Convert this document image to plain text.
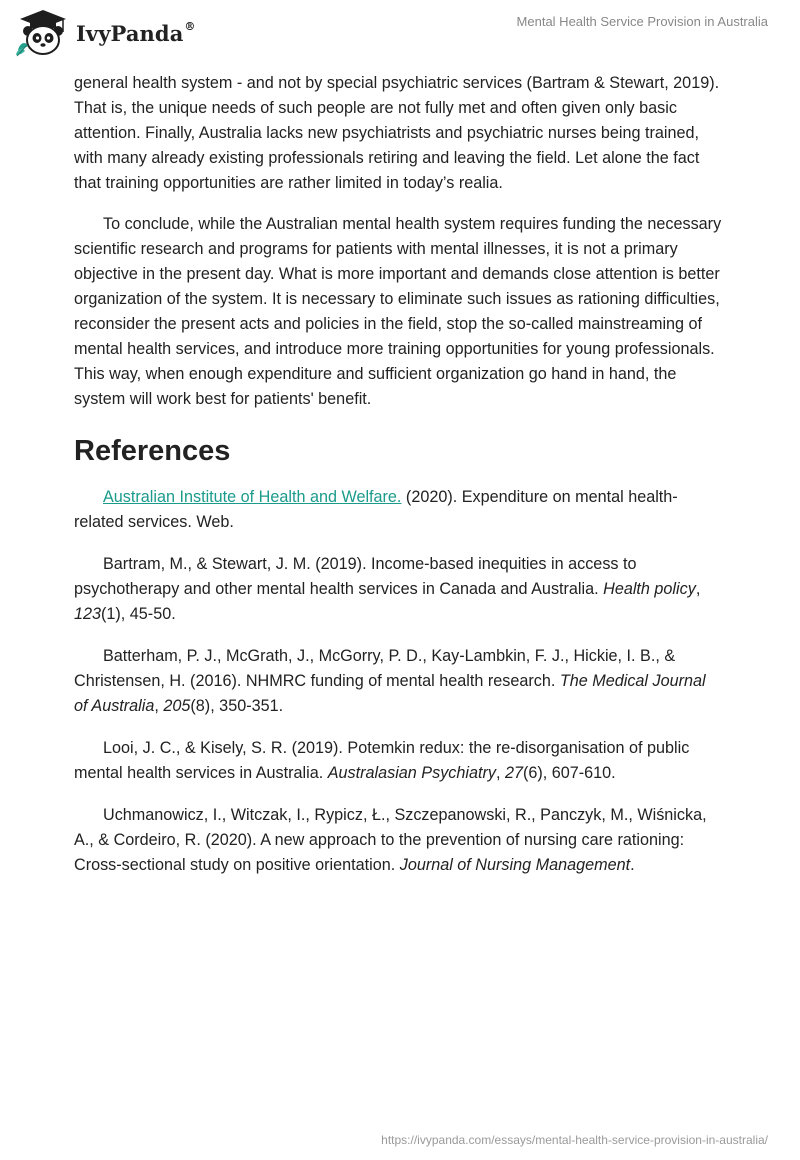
IvyPanda®	Mental Health Service Provision in Australia

general health system - and not by special psychiatric services (Bartram & Stewart, 2019). That is, the unique needs of such people are not fully met and often given only basic attention. Finally, Australia lacks new psychiatrists and psychiatric nurses being trained, with many already existing professionals retiring and leaving the field. Let alone the fact that training opportunities are rather limited in today’s realia.

To conclude, while the Australian mental health system requires funding the necessary scientific research and programs for patients with mental illnesses, it is not a primary objective in the present day. What is more important and demands close attention is better organization of the system. It is necessary to eliminate such issues as rationing difficulties, reconsider the present acts and policies in the field, stop the so-called mainstreaming of mental health services, and introduce more training opportunities for young professionals. This way, when enough expenditure and sufficient organization go hand in hand, the system will work best for patients' benefit.

References

Australian Institute of Health and Welfare. (2020). Expenditure on mental health-related services. Web.

Bartram, M., & Stewart, J. M. (2019). Income-based inequities in access to psychotherapy and other mental health services in Canada and Australia. Health policy, 123(1), 45-50.

Batterham, P. J., McGrath, J., McGorry, P. D., Kay-Lambkin, F. J., Hickie, I. B., & Christensen, H. (2016). NHMRC funding of mental health research. The Medical Journal of Australia, 205(8), 350-351.

Looi, J. C., & Kisely, S. R. (2019). Potemkin redux: the re-disorganisation of public mental health services in Australia. Australasian Psychiatry, 27(6), 607-610.

Uchmanowicz, I., Witczak, I., Rypicz, Ł., Szczepanowski, R., Panczyk, M., Wiśnicka, A., & Cordeiro, R. (2020). A new approach to the prevention of nursing care rationing: Cross-sectional study on positive orientation. Journal of Nursing Management.

https://ivypanda.com/essays/mental-health-service-provision-in-australia/
